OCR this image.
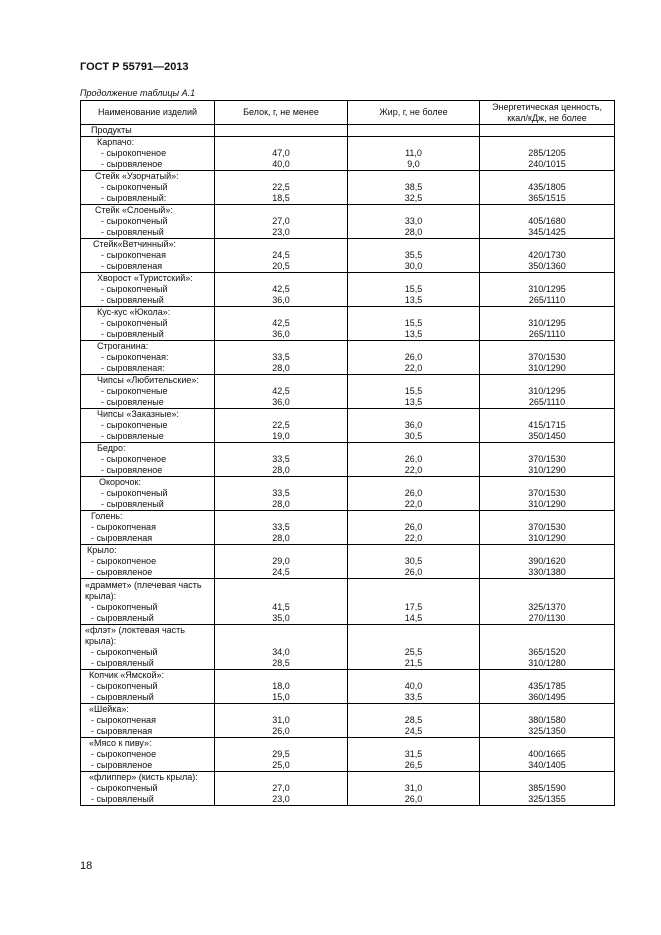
ГОСТ Р 55791—2013
Продолжение таблицы А.1
Наименование изделий	Белок, г, не менее	Жир, г, не более	Энергетическая ценность, ккал/кДж, не более
Продукты			
Карпачо:			
- сырокопченое	47,0	11,0	285/1205
- сыровяленое	40,0	9,0	240/1015
Стейк «Узорчатый»:			
- сырокопченый	22,5	38,5	435/1805
- сыровяленый:	18,5	32,5	365/1515
Стейк «Слоеный»:			
- сырокопченый	27,0	33,0	405/1680
- сыровяленый	23,0	28,0	345/1425
Стейк«Ветчинный»:			
- сырокопченая	24,5	35,5	420/1730
- сыровяленая	20,5	30,0	350/1360
Хворост «Туристский»:			
- сырокопченый	42,5	15,5	310/1295
- сыровяленый	36,0	13,5	265/1110
Кус-кус «Юкола»:			
- сырокопченый	42,5	15,5	310/1295
- сыровяленый	36,0	13,5	265/1110
Строганина:			
- сырокопченая:	33,5	26,0	370/1530
- сыровяленая:	28,0	22,0	310/1290
Чипсы «Любительские»:			
- сырокопченые	42,5	15,5	310/1295
- сыровяленые	36,0	13,5	265/1110
Чипсы «Заказные»:			
- сырокопченые	22,5	36,0	415/1715
- сыровяленые	19,0	30,5	350/1450
Бедро:			
- сырокопченое	33,5	26,0	370/1530
- сыровяленое	28,0	22,0	310/1290
Окорочок:			
- сырокопченый	33,5	26,0	370/1530
- сыровяленый	28,0	22,0	310/1290
Голень:			
- сырокопченая	33,5	26,0	370/1530
- сыровяленая	28,0	22,0	310/1290
Крыло:			
- сырокопченое	29,0	30,5	390/1620
- сыровяленое	24,5	26,0	330/1380
«драммет» (плечевая часть крыла):			
- сырокопченый	41,5	17,5	325/1370
- сыровяленый	35,0	14,5	270/1130
«флэт» (локтевая часть крыла):			
- сырокопченый	34,0	25,5	365/1520
- сыровяленый	28,5	21,5	310/1280
Копчик «Ямской»:			
- сырокопченый	18,0	40,0	435/1785
- сыровяленый	15,0	33,5	360/1495
«Шейка»:			
- сырокопченая	31,0	28,5	380/1580
- сыровяленая	26,0	24,5	325/1350
«Мясо к пиву»:			
- сырокопченое	29,5	31,5	400/1665
- сыровяленое	25,0	26,5	340/1405
«флиппер» (кисть крыла):			
- сырокопченый	27,0	31,0	385/1590
- сыровяленый	23,0	26,0	325/1355
18
